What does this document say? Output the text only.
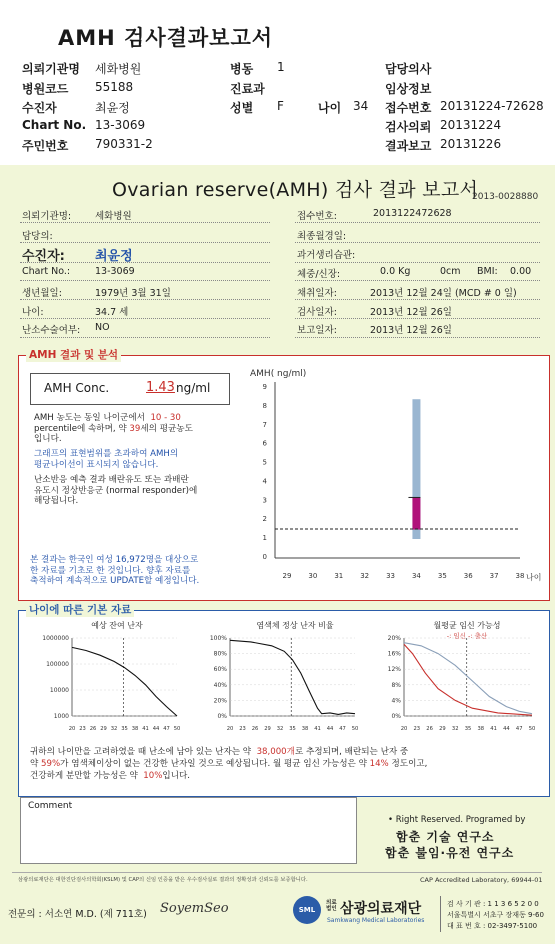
AMH 검사결과보고서
의뢰기관명 세화병원
병원코드 55188
수진자	최윤정
Chart No. 13-3069
주민번호 790331-2
병동 1
진료과
성별 F	나이 34
담당의사
임상정보
접수번호 20131224-72628
검사의뢰 20131224
결과보고 20131226
Ovarian reserve(AMH) 검사 결과 보고서
2013-0028880
의뢰기관명:	세화병원
담당의:
수진자: 최윤정
Chart No.:	13-3069
생년월일:	1979년 3월 31일
나이:	34.7 세
난소수술여부: NO
접수번호:	2013122472628
최종월경일:
과거생리습관:
체중/신장:	0.0 Kg	0cm BMI: 0.00
채취일자:	2013년 12월 24일 (MCD # 0 일)
검사일자:	2013년 12월 26일
보고일자:	2013년 12월 26일
AMH 결과 및 분석
AMH Conc.	1.43 ng/ml
AMH 농도는 동일 나이군에서 10 - 30
percentile에 속하며, 약 39세의 평균농도
입니다.
그래프의 표현범위를 초과하여 AMH의
평균나이선이 표시되지 않습니다.
난소반응 예측 결과 배란유도 또는 과배란
유도시 정상반응군 (normal responder)에
해당됩니다.
본 결과는 한국인 여성 16,972명을 대상으로
한 자료를 기초로 한 것입니다. 향후 자료를
축적하여 계속적으로 UPDATE할 예정입니다.
AMH( ng/ml)
0
1
2
3
4
5
6
7
8
9
29 30 31 32 33 34 35 36 37 38 나이
나이에 따른 기본 자료
예상 잔여 난자
1000000
100000
10000
1000
20 23 26 29 32 35 38 41 44 47 50
염색체 정상 난자 비율
100%
80%
60%
40%
20%
0%
20 23 26 29 32 35 38 41 44 47 50
월평균 임신 가능성
-: 임신 -: 출산
20%
16%
12%
8%
4%
0%
20 23 26 29 32 35 38 41 44 47 50
귀하의 나이만을 고려하였을 때 난소에 남아 있는 난자는 약 38,000개로 추정되며, 배란되는 난자 중
약 59%가 염색체이상이 없는 건강한 난자일 것으로 예상됩니다. 월 평균 임신 가능성은 약 14% 정도이고,
건강하게 분만할 가능성은 약 10%입니다.
Comment
• Right Reserved. Programed by
함춘 기술 연구소
함춘 불임·유전 연구소
삼광의료재단은 대한진단검사의학회(KSLM) 및 CAP의 신임 인증을 받은 우수검사실로 결과의 정확성과 신뢰도를 보증합니다.	CAP Accredited Laboratory, 69944-01
전문의 : 서소연 M.D. (제 711호) SoyemSeo	SML
의료법인 삼광의료재단
Samkwang Medical Laboratories
검 사 기 관 : 1 1 3 6 5 2 0 0
서울특별시 서초구 장재동 9-60
대 표 번 호 : 02-3497-5100
